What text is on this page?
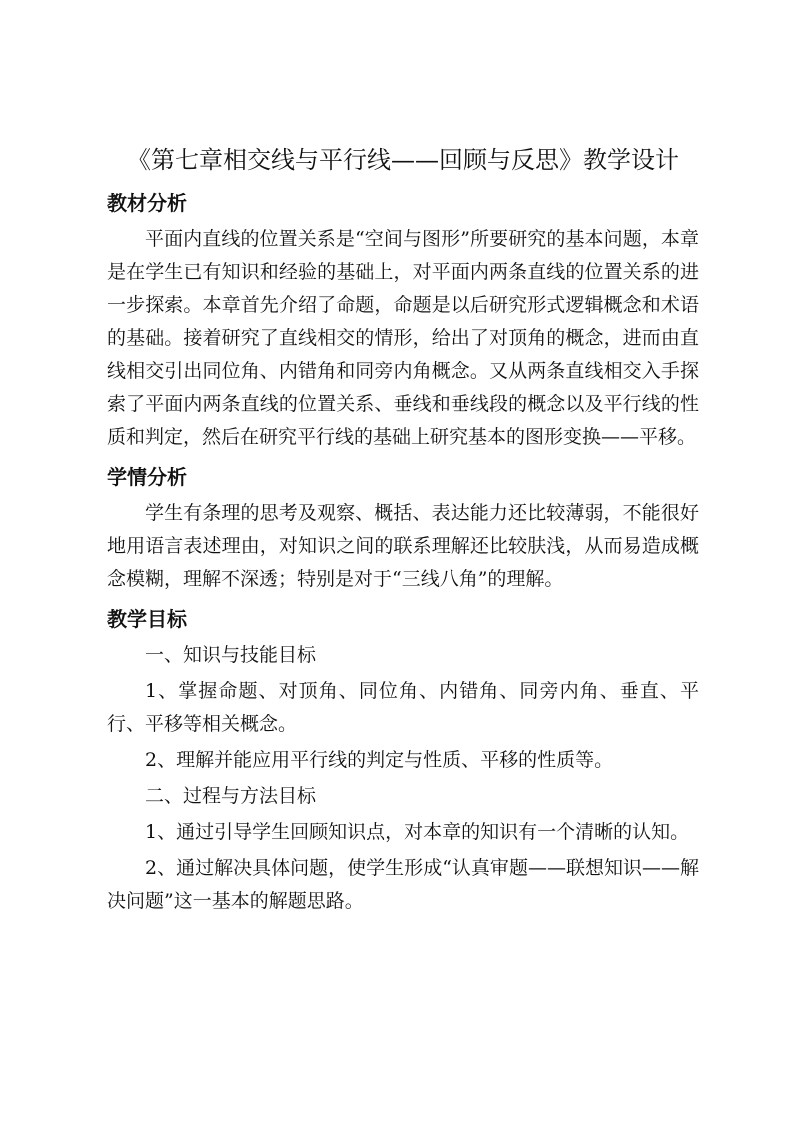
《第七章相交线与平行线——回顾与反思》教学设计
教材分析

平面内直线的位置关系是“空间与图形”所要研究的基本问题，本章是在学生已有知识和经验的基础上，对平面内两条直线的位置关系的进一步探索。本章首先介绍了命题，命题是以后研究形式逻辑概念和术语的基础。接着研究了直线相交的情形，给出了对顶角的概念，进而由直线相交引出同位角、内错角和同旁内角概念。又从两条直线相交入手探索了平面内两条直线的位置关系、垂线和垂线段的概念以及平行线的性质和判定，然后在研究平行线的基础上研究基本的图形变换——平移。

学情分析

学生有条理的思考及观察、概括、表达能力还比较薄弱，不能很好地用语言表述理由，对知识之间的联系理解还比较肤浅，从而易造成概念模糊，理解不深透；特别是对于“三线八角”的理解。

教学目标

一、知识与技能目标

1、掌握命题、对顶角、同位角、内错角、同旁内角、垂直、平行、平移等相关概念。

2、理解并能应用平行线的判定与性质、平移的性质等。

二、过程与方法目标

1、通过引导学生回顾知识点，对本章的知识有一个清晰的认知。

2、通过解决具体问题，使学生形成“认真审题——联想知识——解决问题”这一基本的解题思路。
